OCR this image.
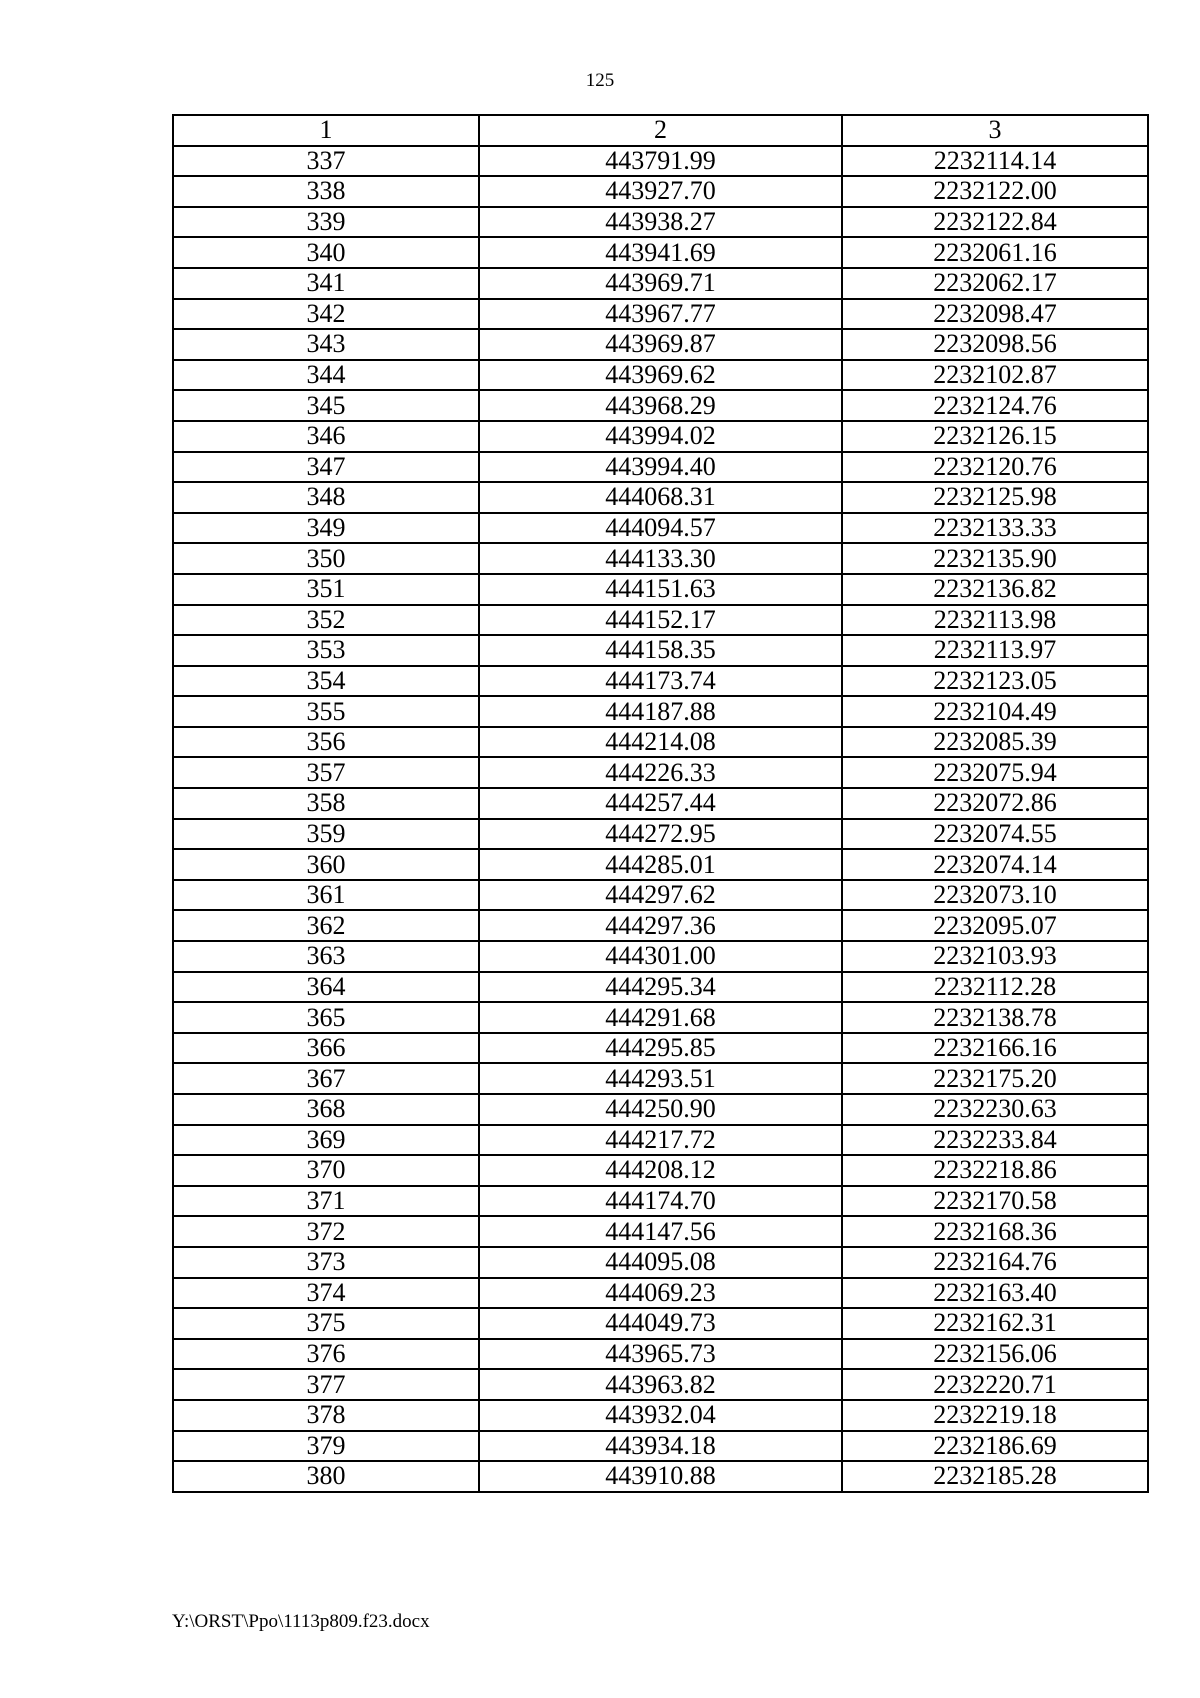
125
1	2	3
337	443791.99	2232114.14
338	443927.70	2232122.00
339	443938.27	2232122.84
340	443941.69	2232061.16
341	443969.71	2232062.17
342	443967.77	2232098.47
343	443969.87	2232098.56
344	443969.62	2232102.87
345	443968.29	2232124.76
346	443994.02	2232126.15
347	443994.40	2232120.76
348	444068.31	2232125.98
349	444094.57	2232133.33
350	444133.30	2232135.90
351	444151.63	2232136.82
352	444152.17	2232113.98
353	444158.35	2232113.97
354	444173.74	2232123.05
355	444187.88	2232104.49
356	444214.08	2232085.39
357	444226.33	2232075.94
358	444257.44	2232072.86
359	444272.95	2232074.55
360	444285.01	2232074.14
361	444297.62	2232073.10
362	444297.36	2232095.07
363	444301.00	2232103.93
364	444295.34	2232112.28
365	444291.68	2232138.78
366	444295.85	2232166.16
367	444293.51	2232175.20
368	444250.90	2232230.63
369	444217.72	2232233.84
370	444208.12	2232218.86
371	444174.70	2232170.58
372	444147.56	2232168.36
373	444095.08	2232164.76
374	444069.23	2232163.40
375	444049.73	2232162.31
376	443965.73	2232156.06
377	443963.82	2232220.71
378	443932.04	2232219.18
379	443934.18	2232186.69
380	443910.88	2232185.28
Y:\ORST\Ppo\1113p809.f23.docx
